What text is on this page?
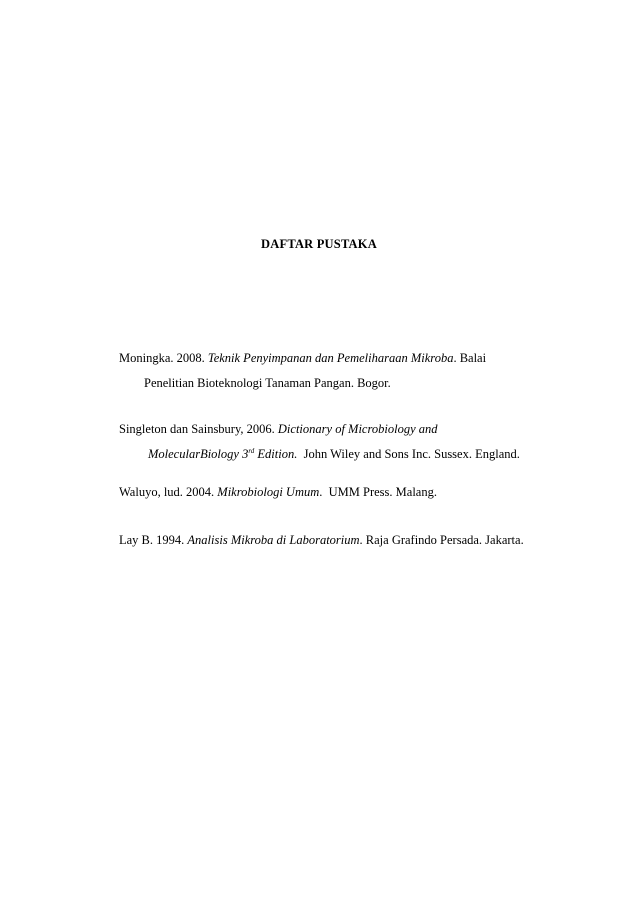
DAFTAR PUSTAKA
Moningka. 2008. Teknik Penyimpanan dan Pemeliharaan Mikroba. Balai
Penelitian Bioteknologi Tanaman Pangan. Bogor.
Singleton dan Sainsbury, 2006. Dictionary of Microbiology and
MolecularBiology 3rd Edition.  John Wiley and Sons Inc. Sussex. England.
Waluyo, lud. 2004. Mikrobiologi Umum.  UMM Press. Malang.
Lay B. 1994. Analisis Mikroba di Laboratorium. Raja Grafindo Persada. Jakarta.
